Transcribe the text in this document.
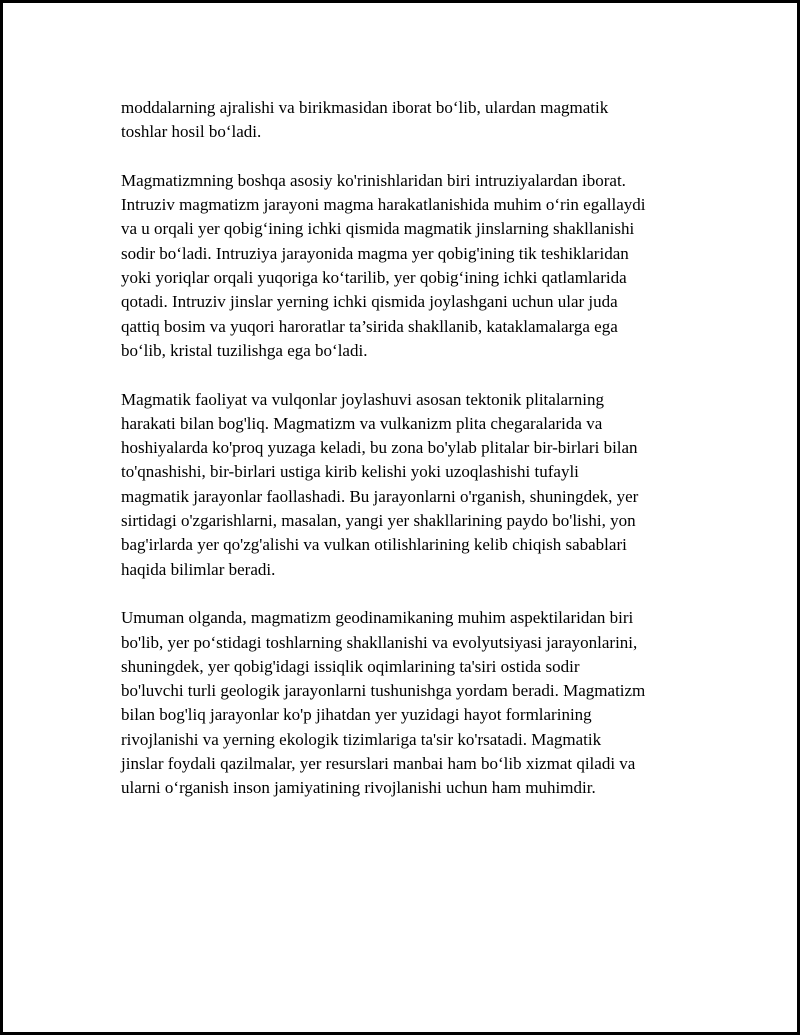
moddalarning ajralishi va birikmasidan iborat bo‘lib, ulardan magmatik
toshlar hosil bo‘ladi.

Magmatizmning boshqa asosiy ko'rinishlaridan biri intruziyalardan iborat.
Intruziv magmatizm jarayoni magma harakatlanishida muhim o‘rin egallaydi
va u orqali yer qobig‘ining ichki qismida magmatik jinslarning shakllanishi
sodir bo‘ladi. Intruziya jarayonida magma yer qobig'ining tik teshiklaridan
yoki yoriqlar orqali yuqoriga ko‘tarilib, yer qobig‘ining ichki qatlamlarida
qotadi. Intruziv jinslar yerning ichki qismida joylashgani uchun ular juda
qattiq bosim va yuqori haroratlar ta’sirida shakllanib, kataklamalarga ega
bo‘lib, kristal tuzilishga ega bo‘ladi.

Magmatik faoliyat va vulqonlar joylashuvi asosan tektonik plitalarning
harakati bilan bog'liq. Magmatizm va vulkanizm plita chegaralarida va
hoshiyalarda ko'proq yuzaga keladi, bu zona bo'ylab plitalar bir-birlari bilan
to'qnashishi, bir-birlari ustiga kirib kelishi yoki uzoqlashishi tufayli
magmatik jarayonlar faollashadi. Bu jarayonlarni o'rganish, shuningdek, yer
sirtidagi o'zgarishlarni, masalan, yangi yer shakllarining paydo bo'lishi, yon
bag'irlarda yer qo'zg'alishi va vulkan otilishlarining kelib chiqish sabablari
haqida bilimlar beradi.

Umuman olganda, magmatizm geodinamikaning muhim aspektilaridan biri
bo'lib, yer po‘stidagi toshlarning shakllanishi va evolyutsiyasi jarayonlarini,
shuningdek, yer qobig'idagi issiqlik oqimlarining ta'siri ostida sodir
bo'luvchi turli geologik jarayonlarni tushunishga yordam beradi. Magmatizm
bilan bog'liq jarayonlar ko'p jihatdan yer yuzidagi hayot formlarining
rivojlanishi va yerning ekologik tizimlariga ta'sir ko'rsatadi. Magmatik
jinslar foydali qazilmalar, yer resurslari manbai ham bo‘lib xizmat qiladi va
ularni o‘rganish inson jamiyatining rivojlanishi uchun ham muhimdir.
